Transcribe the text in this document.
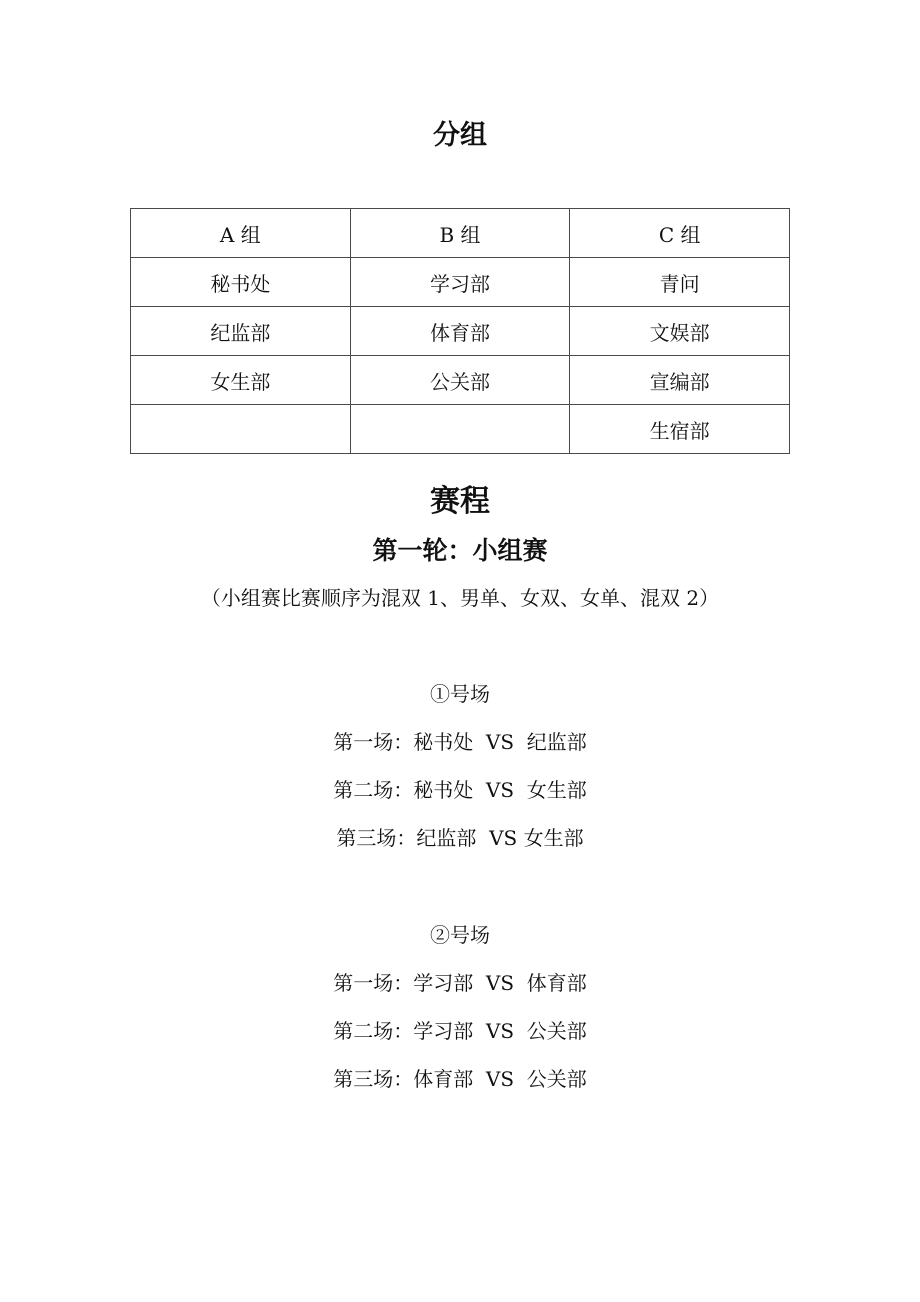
分组
A 组	B 组	C 组
秘书处	学习部	青问
纪监部	体育部	文娱部
女生部	公关部	宣编部
		生宿部
赛程
第一轮：小组赛
（小组赛比赛顺序为混双 1、男单、女双、女单、混双 2）
①号场
第一场：秘书处  VS  纪监部
第二场：秘书处  VS  女生部
第三场：纪监部  VS 女生部
②号场
第一场：学习部  VS  体育部
第二场：学习部  VS  公关部
第三场：体育部  VS  公关部
